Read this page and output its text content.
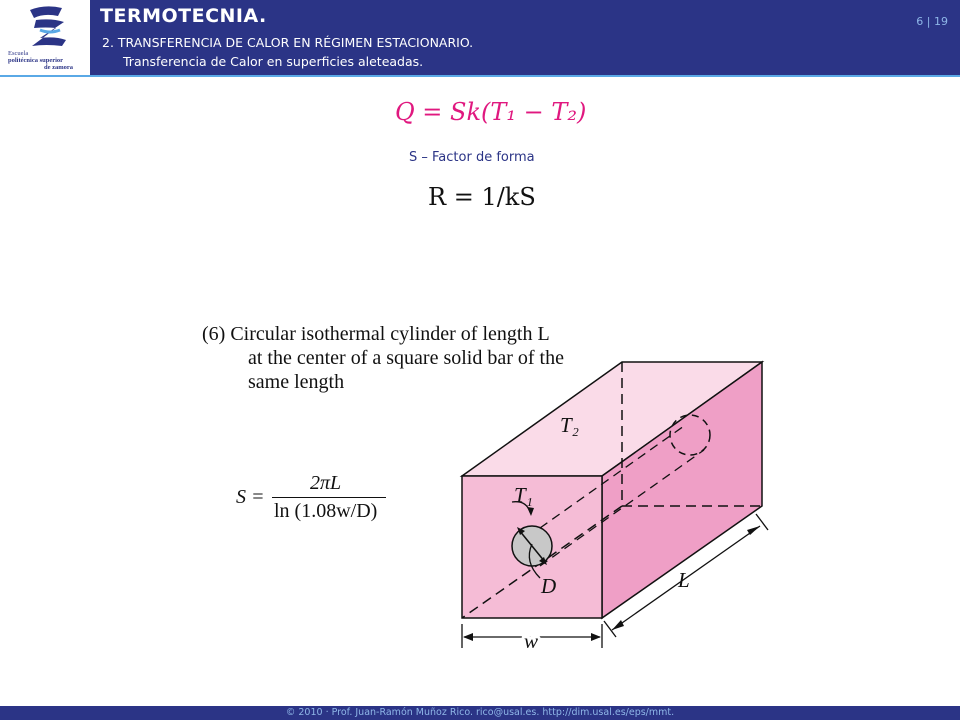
Escuela
politécnica superior
de zamora
TERMOTECNIA.
2. TRANSFERENCIA DE CALOR EN RÉGIMEN ESTACIONARIO.
Transferencia de Calor en superficies aleteadas.
6 | 19
Q = Sk(T₁ − T₂)
S – Factor de forma
R = 1/kS
(6) Circular isothermal cylinder of length L
at the center of a square solid bar of the
same length
S =
2πL
ln (1.08w/D)
T₂
T₁
D	L
w
© 2010 · Prof. Juan-Ramón Muñoz Rico. rico@usal.es. http://dim.usal.es/eps/mmt.
